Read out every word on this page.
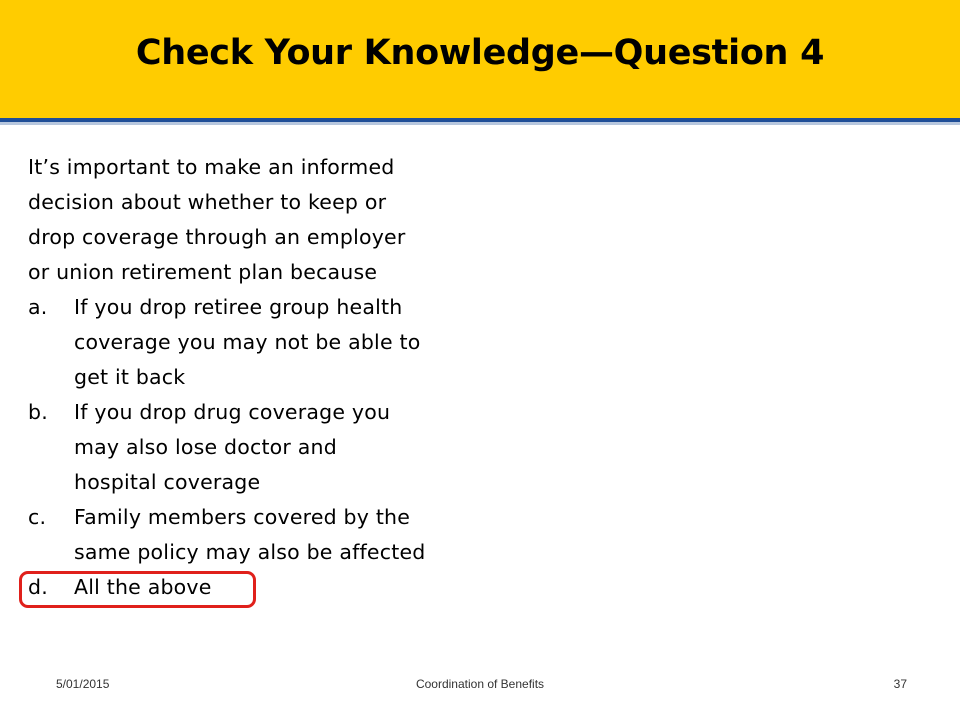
Check Your Knowledge—Question 4
It’s important to make an informed
decision about whether to keep or
drop coverage through an employer
or union retirement plan because
a.	If you drop retiree group health
coverage you may not be able to
get it back
b.	If you drop drug coverage you
may also lose doctor and
hospital coverage
c.	Family members covered by the
same policy may also be affected
d.	All the above
5/01/2015	Coordination of Benefits	37
